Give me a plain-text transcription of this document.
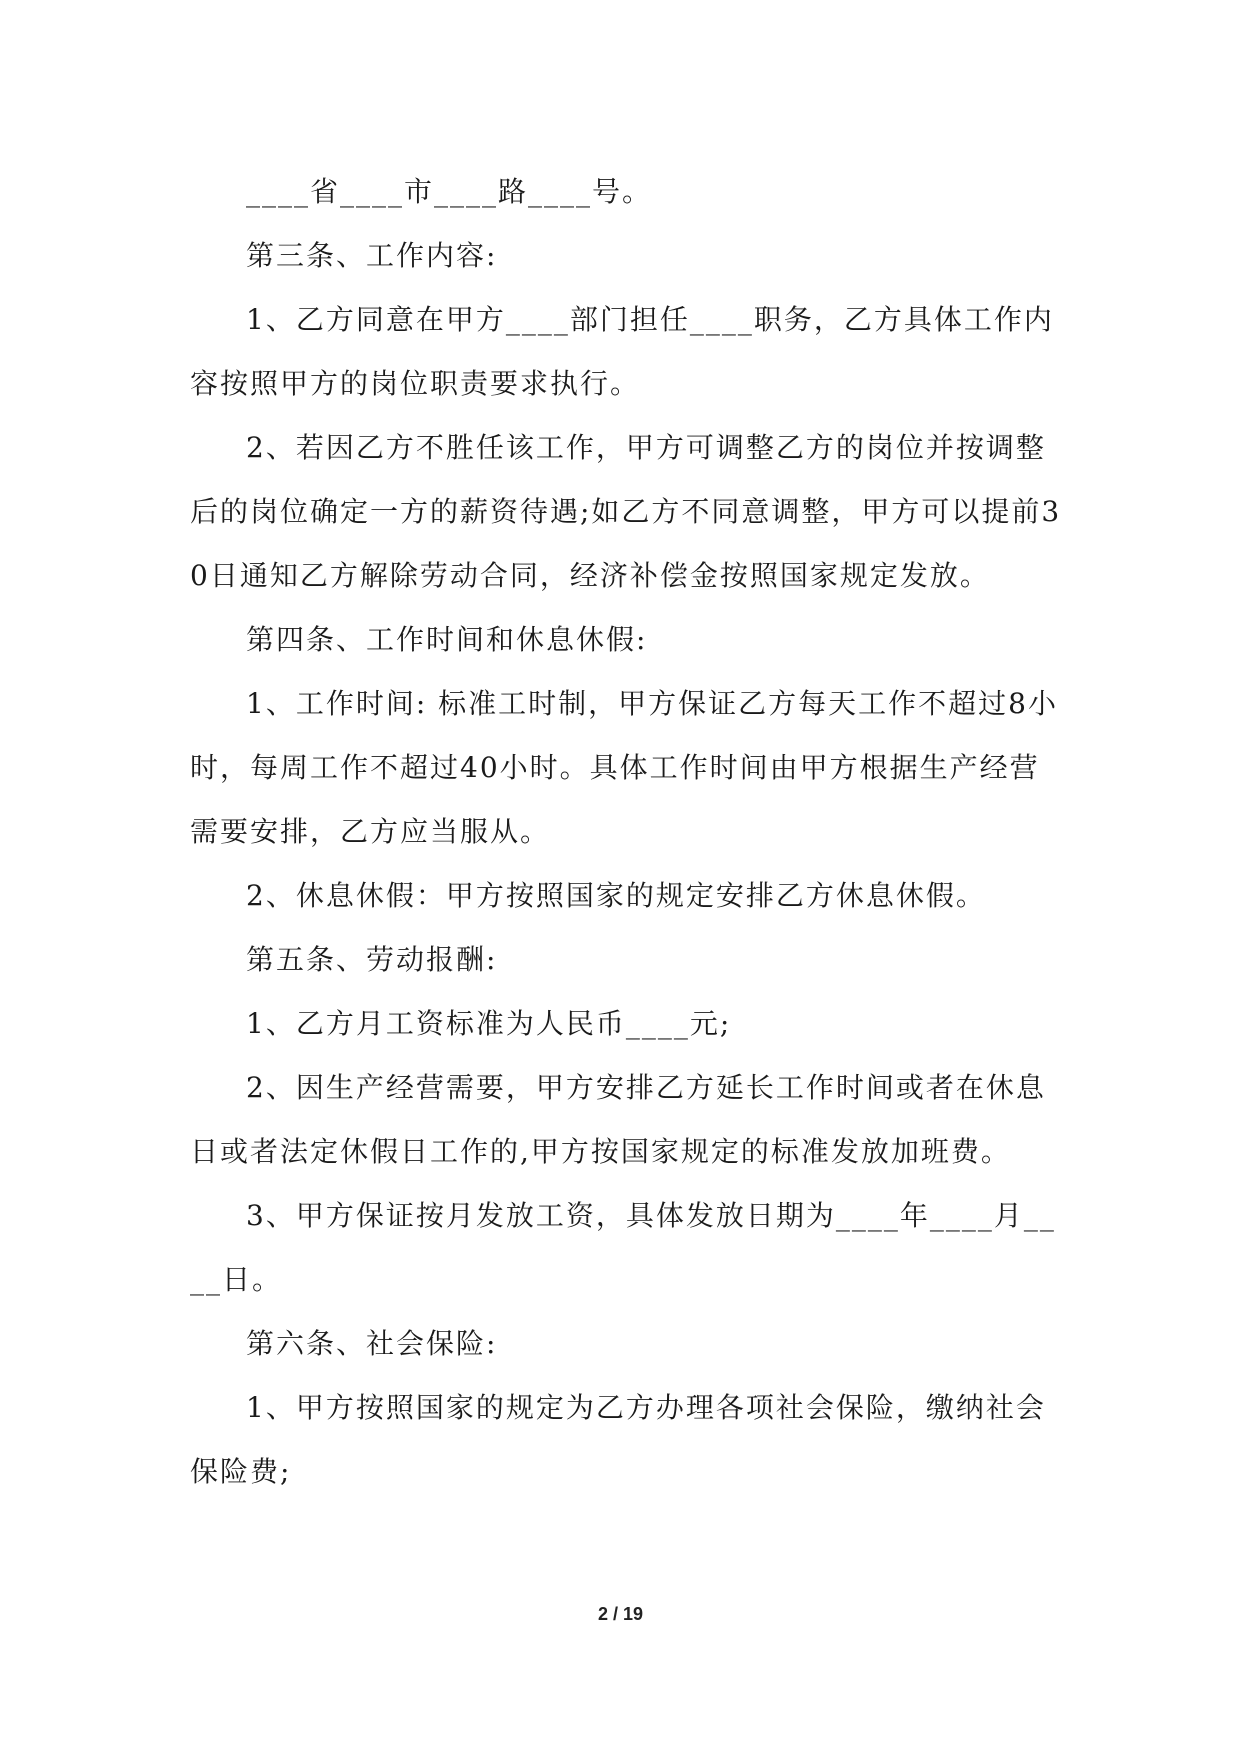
____省____市____路____号。

第三条、工作内容:

1、乙方同意在甲方____部门担任____职务，乙方具体工作内容按照甲方的岗位职责要求执行。

2、若因乙方不胜任该工作，甲方可调整乙方的岗位并按调整后的岗位确定一方的薪资待遇;如乙方不同意调整，甲方可以提前30日通知乙方解除劳动合同，经济补偿金按照国家规定发放。

第四条、工作时间和休息休假:

1、工作时间: 标准工时制，甲方保证乙方每天工作不超过8小时，每周工作不超过40小时。具体工作时间由甲方根据生产经营需要安排，乙方应当服从。

2、休息休假：甲方按照国家的规定安排乙方休息休假。

第五条、劳动报酬:

1、乙方月工资标准为人民币____元;

2、因生产经营需要，甲方安排乙方延长工作时间或者在休息日或者法定休假日工作的,甲方按国家规定的标准发放加班费。

3、甲方保证按月发放工资，具体发放日期为____年____月____日。

第六条、社会保险:

1、甲方按照国家的规定为乙方办理各项社会保险，缴纳社会保险费;

2 / 19
